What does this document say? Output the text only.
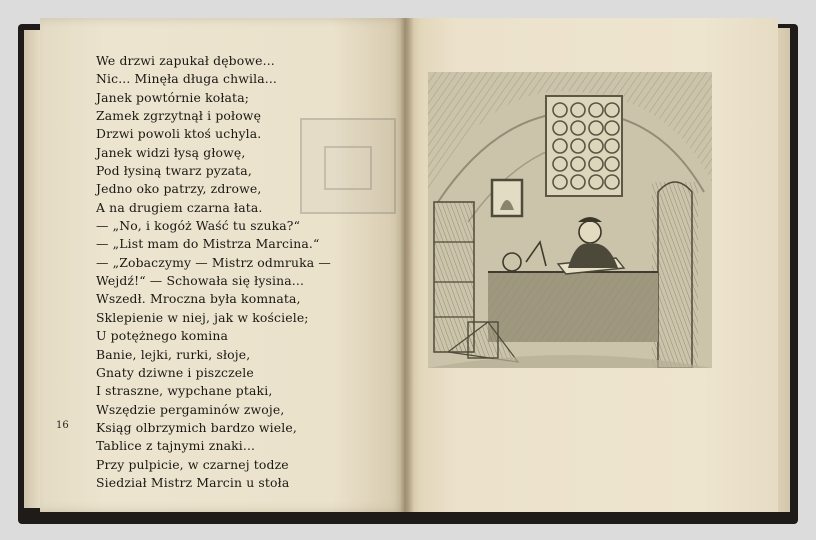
We drzwi zapukał dębowe...
Nic... Minęła długa chwila...
Janek powtórnie kołata;
Zamek zgrzytnął i połowę
Drzwi powoli ktoś uchyla.
Janek widzi łysą głowę,
Pod łysiną twarz pyzata,
Jedno oko patrzy, zdrowe,
A na drugiem czarna łata.
— „No, i kogóż Waść tu szuka?“
— „List mam do Mistrza Marcina.“
— „Zobaczymy — Mistrz odmruka —
Wejdź!“ — Schowała się łysina...
Wszedł. Mroczna była komnata,
Sklepienie w niej, jak w kościele;
U potężnego komina
Banie, lejki, rurki, słoje,
Gnaty dziwne i piszczele
I straszne, wypchane ptaki,
Wszędzie pergaminów zwoje,
Ksiąg olbrzymich bardzo wiele,
Tablice z tajnymi znaki...
Przy pulpicie, w czarnej todze
Siedział Mistrz Marcin u stoła
16
